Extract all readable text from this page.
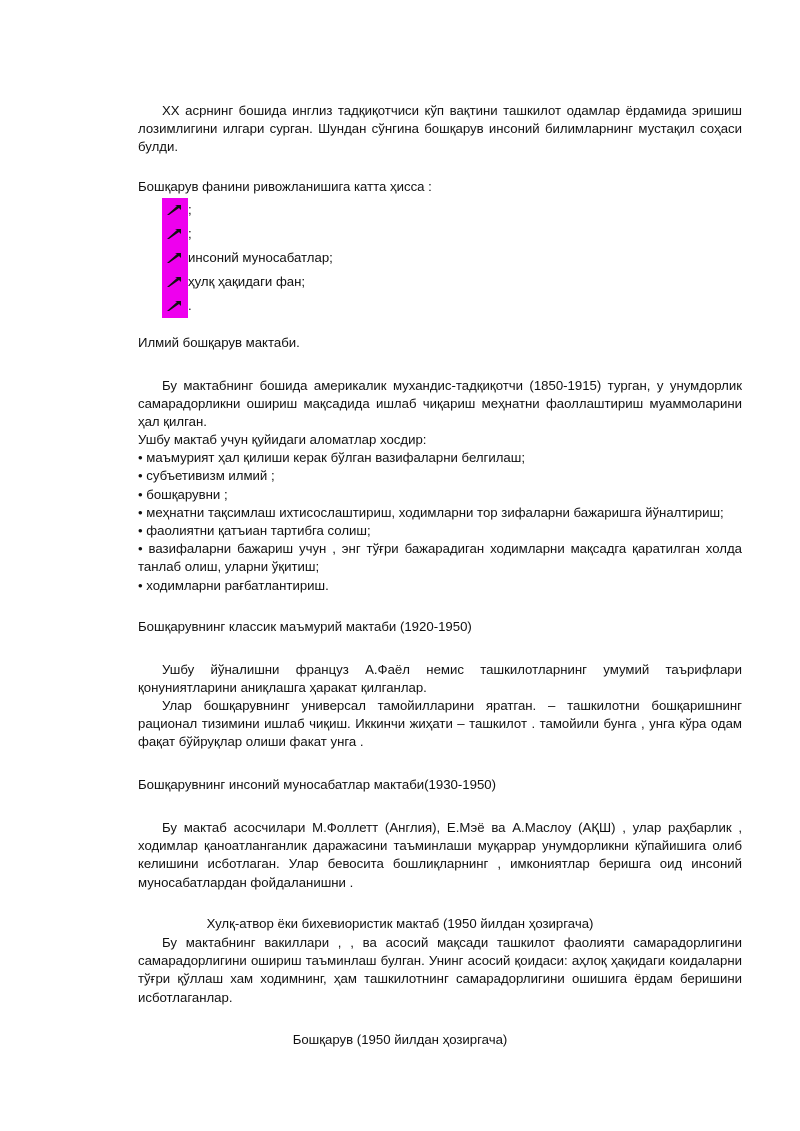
XX асрнинг бошида инглиз тадқиқотчиси кўп вақтини ташкилот одамлар ёрдамида эришиш лозимлигини илгари сурган. Шундан сўнгина бошқарув инсоний билимларнинг мустақил соҳаси булди.
Бошқарув фанини ривожланишига катта ҳисса :
;
;
инсоний муносабатлар;
ҳулқ ҳақидаги фан;
.
Илмий бошқарув мактаби.
Бу мактабнинг бошида америкалик мухандис-тадқиқотчи (1850-1915) турган, у унумдорлик самарадорликни ошириш мақсадида ишлаб чиқариш меҳнатни фаоллаштириш муаммоларини ҳал қилган.
Ушбу мактаб учун қуйидаги аломатлар хосдир:
• маъмурият ҳал қилиши керак бўлган вазифаларни белгилаш;
• субъетивизм илмий ;
• бошқарувни ;
• меҳнатни тақсимлаш ихтисослаштириш, ходимларни тор зифаларни бажаришга йўналтириш;
• фаолиятни қатъиан тартибга солиш;
• вазифаларни бажариш учун , энг тўғри бажарадиган ходимларни мақсадга қаратилган холда танлаб олиш, уларни ўқитиш;
• ходимларни рағбатлантириш.
Бошқарувнинг классик маъмурий мактаби (1920-1950)
Ушбу йўналишни француз А.Фаёл немис ташкилотларнинг умумий таърифлари қонуниятларини аниқлашга ҳаракат қилганлар.
Улар бошқарувнинг универсал тамойилларини яратган. – ташкилотни бошқаришнинг рационал тизимини ишлаб чиқиш. Иккинчи жиҳати – ташкилот . тамойили бунга , унга кўра одам фақат бўйруқлар олиши факат унга .
Бошқарувнинг инсоний муносабатлар мактаби(1930-1950)
Бу мактаб асосчилари М.Фоллетт (Англия), Е.Мэё ва А.Маслоу (АҚШ) , улар раҳбарлик , ходимлар қаноатланганлик даражасини таъминлаши муқаррар унумдорликни кўпайишига олиб келишини исботлаган. Улар бевосита бошлиқларнинг , имкониятлар беришга оид инсоний муносабатлардан фойдаланишни .
Хулқ-атвор ёки бихевиористик мактаб (1950 йилдан ҳозиргача)
Бу мактабнинг вакиллари , , ва асосий мақсади ташкилот фаолияти самарадорлигини самарадорлигини ошириш таъминлаш булган. Унинг асосий қоидаси: аҳлоқ ҳақидаги коидаларни тўғри қўллаш хам ходимнинг, ҳам ташкилотнинг самарадорлигини ошишига ёрдам беришини исботлаганлар.
Бошқарув (1950 йилдан ҳозиргача)
